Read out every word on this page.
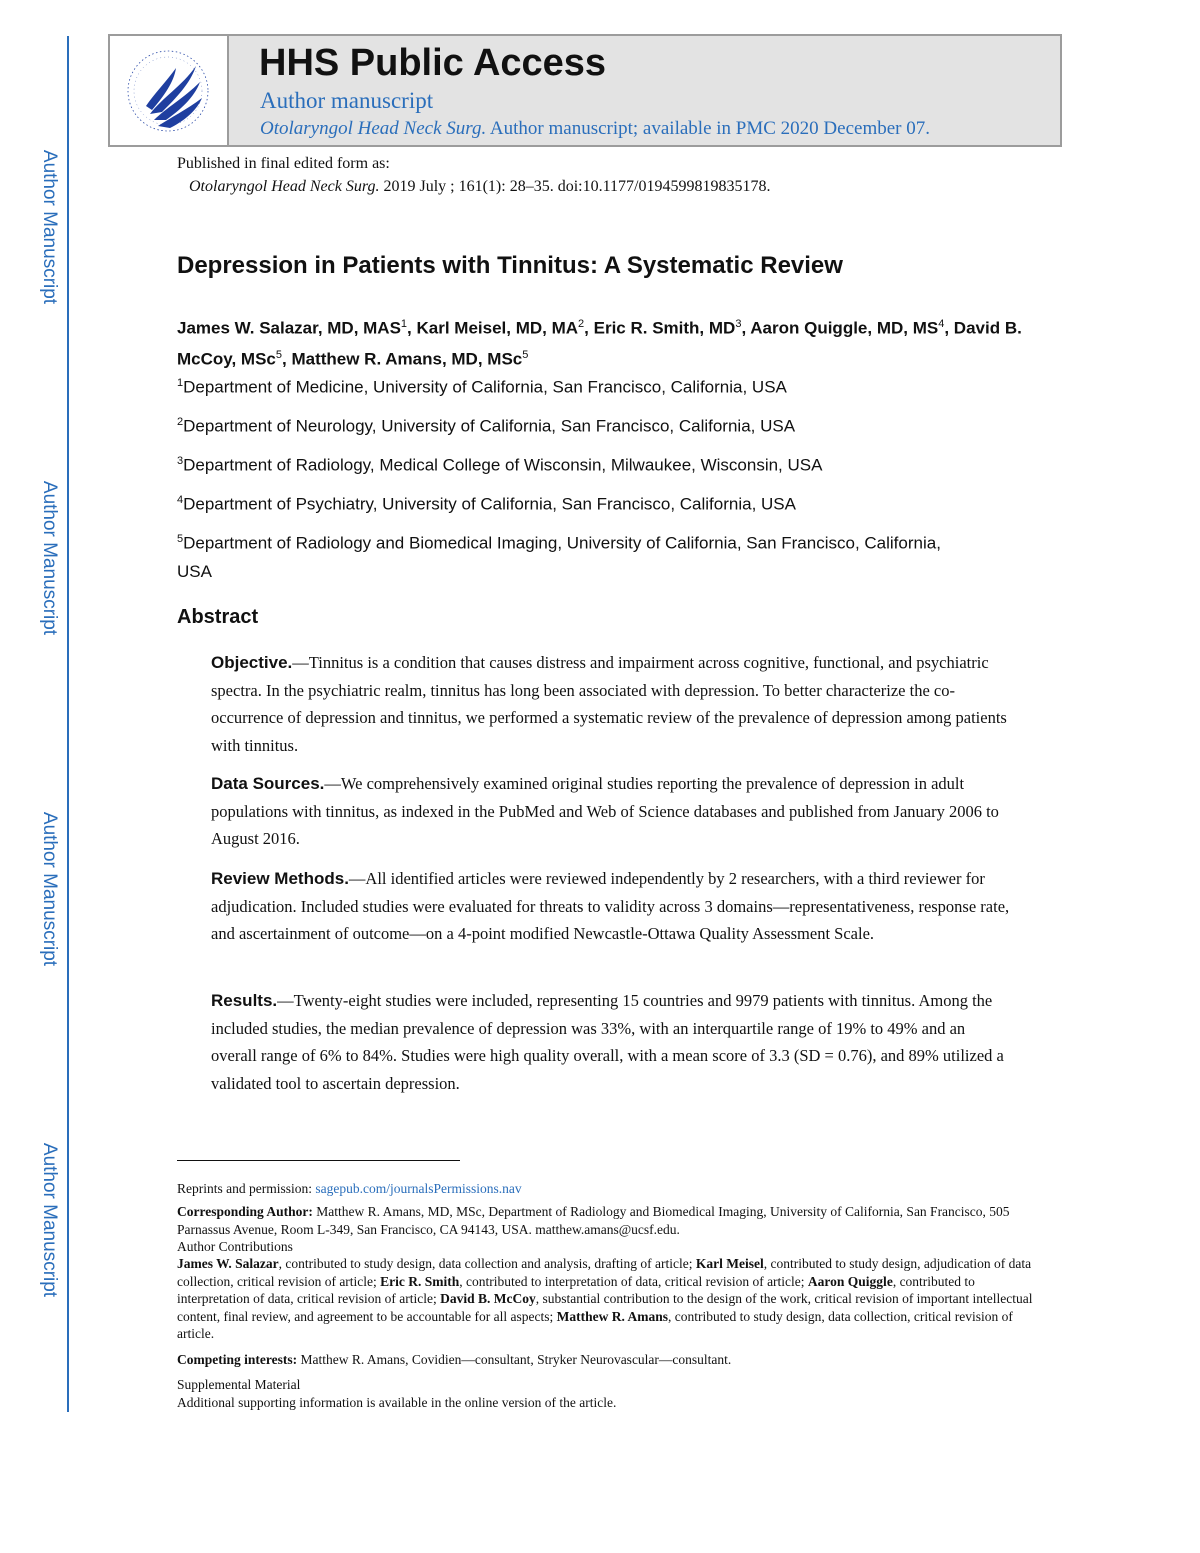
Author Manuscript
Author Manuscript
Author Manuscript
Author Manuscript
HHS Public Access
Author manuscript
Otolaryngol Head Neck Surg. Author manuscript; available in PMC 2020 December 07.
Published in final edited form as:
Otolaryngol Head Neck Surg. 2019 July ; 161(1): 28–35. doi:10.1177/0194599819835178.
Depression in Patients with Tinnitus: A Systematic Review
James W. Salazar, MD, MAS$^1$, Karl Meisel, MD, $MA^2$, Eric R. Smith, $MD^3$, Aaron Quiggle, MD, $MS^4$, David B. McCoy, MSc$^5$, Matthew R. Amans, MD, MSc$^5$
$^1$Department of Medicine, University of California, San Francisco, California, USA
$^2$Department of Neurology, University of California, San Francisco, California, USA
$^3$Department of Radiology, Medical College of Wisconsin, Milwaukee, Wisconsin, USA
$^4$Department of Psychiatry, University of California, San Francisco, California, USA
$^5$Department of Radiology and Biomedical Imaging, University of California, San Francisco, California, USA
Abstract
Objective.—Tinnitus is a condition that causes distress and impairment across cognitive, functional, and psychiatric spectra. In the psychiatric realm, tinnitus has long been associated with depression. To better characterize the co-occurrence of depression and tinnitus, we performed a systematic review of the prevalence of depression among patients with tinnitus.
Data Sources.—We comprehensively examined original studies reporting the prevalence of depression in adult populations with tinnitus, as indexed in the PubMed and Web of Science databases and published from January 2006 to August 2016.
Review Methods.—All identified articles were reviewed independently by 2 researchers, with a third reviewer for adjudication. Included studies were evaluated for threats to validity across 3 domains—representativeness, response rate, and ascertainment of outcome—on a 4-point modified Newcastle-Ottawa Quality Assessment Scale.
Results.—Twenty-eight studies were included, representing 15 countries and 9979 patients with tinnitus. Among the included studies, the median prevalence of depression was 33%, with an interquartile range of 19% to 49% and an overall range of 6% to 84%. Studies were high quality overall, with a mean score of 3.3 (SD = 0.76), and 89% utilized a validated tool to ascertain depression.
Reprints and permission: sagepub.com/journalsPermissions.nav
Corresponding Author: Matthew R. Amans, MD, MSc, Department of Radiology and Biomedical Imaging, University of California, San Francisco, 505 Parnassus Avenue, Room L-349, San Francisco, CA 94143, USA. matthew.amans@ucsf.edu.
Author Contributions
James W. Salazar, contributed to study design, data collection and analysis, drafting of article; Karl Meisel, contributed to study design, adjudication of data collection, critical revision of article; Eric R. Smith, contributed to interpretation of data, critical revision of article; Aaron Quiggle, contributed to interpretation of data, critical revision of article; David B. McCoy, substantial contribution to the design of the work, critical revision of important intellectual content, final review, and agreement to be accountable for all aspects; Matthew R. Amans, contributed to study design, data collection, critical revision of article.
Competing interests: Matthew R. Amans, Covidien—consultant, Stryker Neurovascular—consultant.
Supplemental Material
Additional supporting information is available in the online version of the article.
